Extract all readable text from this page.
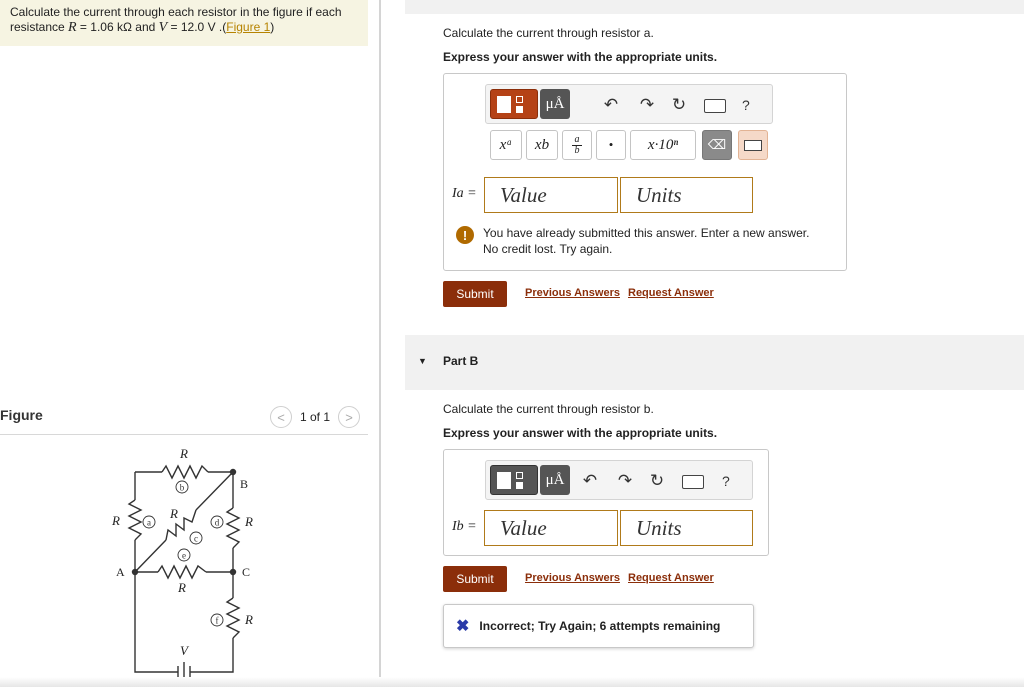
Calculate the current through each resistor in the figure if each
resistance R = 1.06 kΩ and V = 12.0 V .(Figure 1)
Figure	<	1 of 1	>
b
a
c
d
e
f
R
R	R
R
R
R
V
B
A	C
▼ Part B
Calculate the current through resistor a.
Express your answer with the appropriate units.
μÅ	↶ ↷ ↻	?
xᵃ	xb	a
b	•	x·10ⁿ	⌫
Ia =	Value	Units
!	You have already submitted this answer. Enter a new answer.
No credit lost. Try again.
Submit	Previous Answers Request Answer
Calculate the current through resistor b.
Express your answer with the appropriate units.
μÅ	↶ ↷ ↻	?
Ib =	Value	Units
Submit	Previous Answers Request Answer
✖ Incorrect; Try Again; 6 attempts remaining
